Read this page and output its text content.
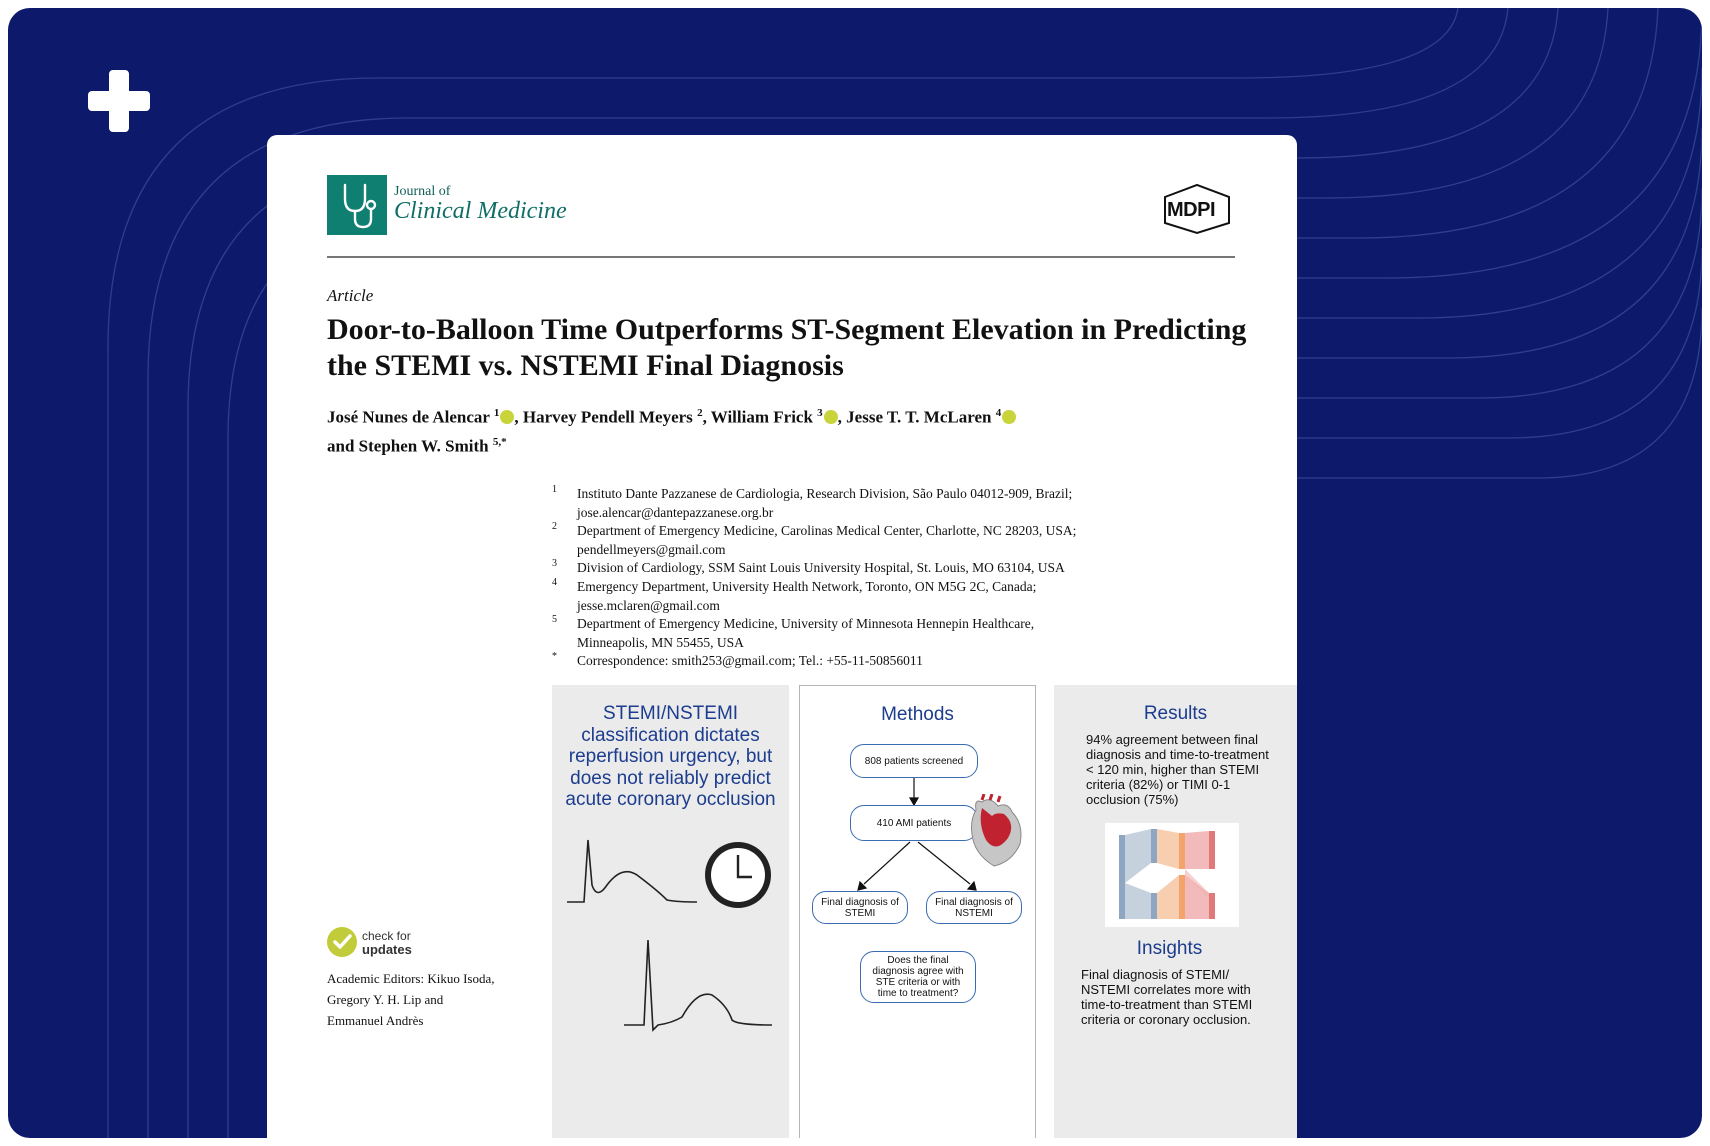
Journal of
Clinical Medicine	MDPI
Article
Door-to-Balloon Time Outperforms ST-Segment Elevation in Predicting the STEMI vs. NSTEMI Final Diagnosis
José Nunes de Alencar $^1$ , Harvey Pendell Meyers $^2$, William Frick $^3$ , Jesse T. T. McLaren $^4$
and Stephen W. Smith $^{5,*}$
1 Instituto Dante Pazzanese de Cardiologia, Research Division, São Paulo 04012-909, Brazil;
jose.alencar@dantepazzanese.org.br
2 Department of Emergency Medicine, Carolinas Medical Center, Charlotte, NC 28203, USA;
pendellmeyers@gmail.com
3 Division of Cardiology, SSM Saint Louis University Hospital, St. Louis, MO 63104, USA
4 Emergency Department, University Health Network, Toronto, ON M5G 2C, Canada;
jesse.mclaren@gmail.com
5 Department of Emergency Medicine, University of Minnesota Hennepin Healthcare,
Minneapolis, MN 55455, USA
* Correspondence: smith253@gmail.com; Tel.: +55-11-50856011
check for
updates
Academic Editors: Kikuo Isoda,
Gregory Y. H. Lip and
Emmanuel Andrès
STEMI/NSTEMI classification dictates reperfusion urgency, but does not reliably predict acute coronary occlusion
Methods
808 patients screened
410 AMI patients
Final diagnosis of STEMI
Final diagnosis of NSTEMI
Does the final diagnosis agree with STE criteria or with time to treatment?
Results
94% agreement between final diagnosis and time-to-treatment < 120 min, higher than STEMI criteria (82%) or TIMI 0-1 occlusion (75%)
Insights
Final diagnosis of STEMI/ NSTEMI correlates more with time-to-treatment than STEMI criteria or coronary occlusion.
